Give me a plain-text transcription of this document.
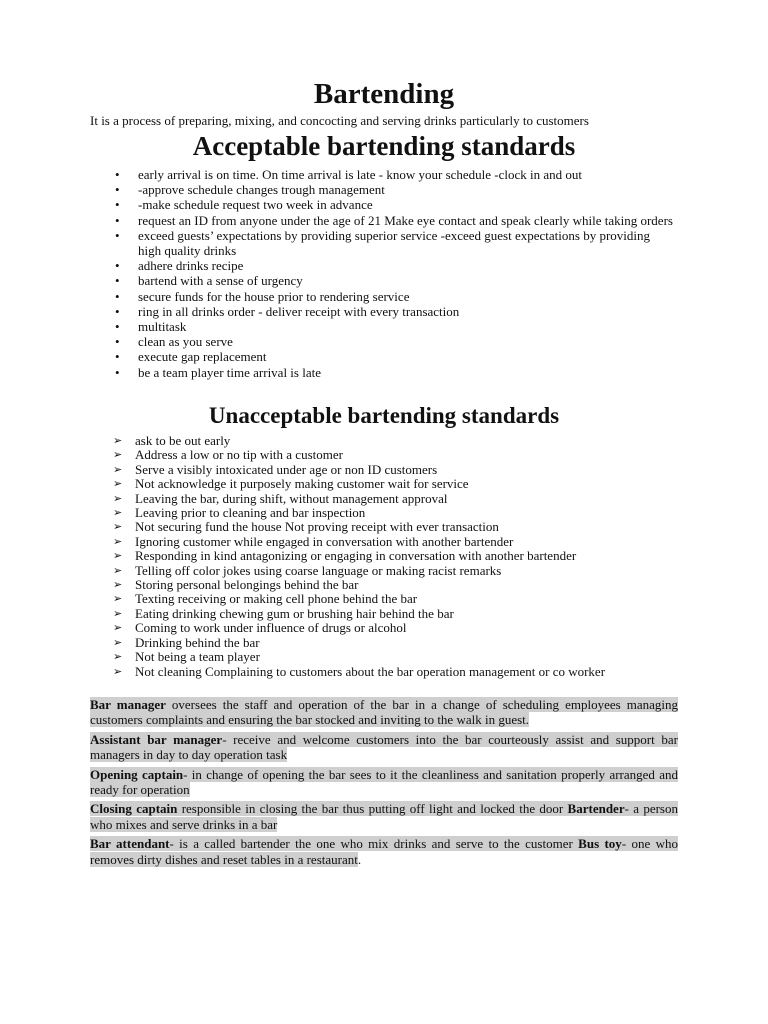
Bartending

It is a process of preparing, mixing, and concocting and serving drinks particularly to customers

Acceptable bartending standards
• early arrival is on time. On time arrival is late - know your schedule -clock in and out
• -approve schedule changes trough management
• -make schedule request two week in advance
• request an ID from anyone under the age of 21 Make eye contact and speak clearly while taking orders
• exceed guests’ expectations by providing superior service -exceed guest expectations by providing high quality drinks
• adhere drinks recipe
• bartend with a sense of urgency
• secure funds for the house prior to rendering service
• ring in all drinks order - deliver receipt with every transaction
• multitask
• clean as you serve
• execute gap replacement
• be a team player time arrival is late
Unacceptable bartending standards
➢ ask to be out early
➢ Address a low or no tip with a customer
➢ Serve a visibly intoxicated under age or non ID customers
➢ Not acknowledge it purposely making customer wait for service
➢ Leaving the bar, during shift, without management approval
➢ Leaving prior to cleaning and bar inspection
➢ Not securing fund the house Not proving receipt with ever transaction
➢ Ignoring customer while engaged in conversation with another bartender
➢ Responding in kind antagonizing or engaging in conversation with another bartender
➢ Telling off color jokes using coarse language or making racist remarks
➢ Storing personal belongings behind the bar
➢ Texting receiving or making cell phone behind the bar
➢ Eating drinking chewing gum or brushing hair behind the bar
➢ Coming to work under influence of drugs or alcohol
➢ Drinking behind the bar
➢ Not being a team player
➢ Not cleaning Complaining to customers about the bar operation management or co worker

Bar manager oversees the staff and operation of the bar in a change of scheduling employees managing customers complaints and ensuring the bar stocked and inviting to the walk in guest.

Assistant bar manager- receive and welcome customers into the bar courteously assist and support bar managers in day to day operation task

Opening captain- in change of opening the bar sees to it the cleanliness and sanitation properly arranged and ready for operation

Closing captain responsible in closing the bar thus putting off light and locked the door Bartender- a person who mixes and serve drinks in a bar

Bar attendant- is a called bartender the one who mix drinks and serve to the customer Bus toy- one who removes dirty dishes and reset tables in a restaurant.
